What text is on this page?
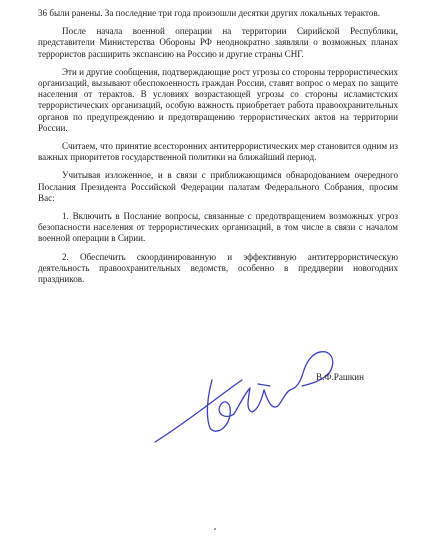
36 были ранены. За последние три года произошли десятки других локальных терактов.

После начала военной операции на территории Сирийской Республики, представители Министерства Обороны РФ неоднократно заявляли о возможных планах террористов расширить экспансию на Россию и другие страны СНГ.

Эти и другие сообщения, подтверждающие рост угрозы со стороны террористических организаций, вызывают обеспокоенность граждан России, ставят вопрос о мерах по защите населения от терактов. В условиях возрастающей угрозы со стороны исламистских террористических организаций, особую важность приобретает работа правоохранительных органов по предупреждению и предотвращению террористических актов на территории России.

Считаем, что принятие всесторонних антитеррористических мер становится одним из важных приоритетов государственной политики на ближайший период.

Учитывая изложенное, и в связи с приближающимся обнародованием очередного Послания Президента Российской Федерации палатам Федерального Собрания, просим Вас:

1. Включить в Послание вопросы, связанные с предотвращением возможных угроз безопасности населения от террористических организаций, в том числе в связи с началом военной операции в Сирии.

2. Обеспечить скоординированную и эффективную антитеррористическую деятельность правоохранительных ведомств, особенно в преддверии новогодних праздников.

В.Ф.Рашкин
